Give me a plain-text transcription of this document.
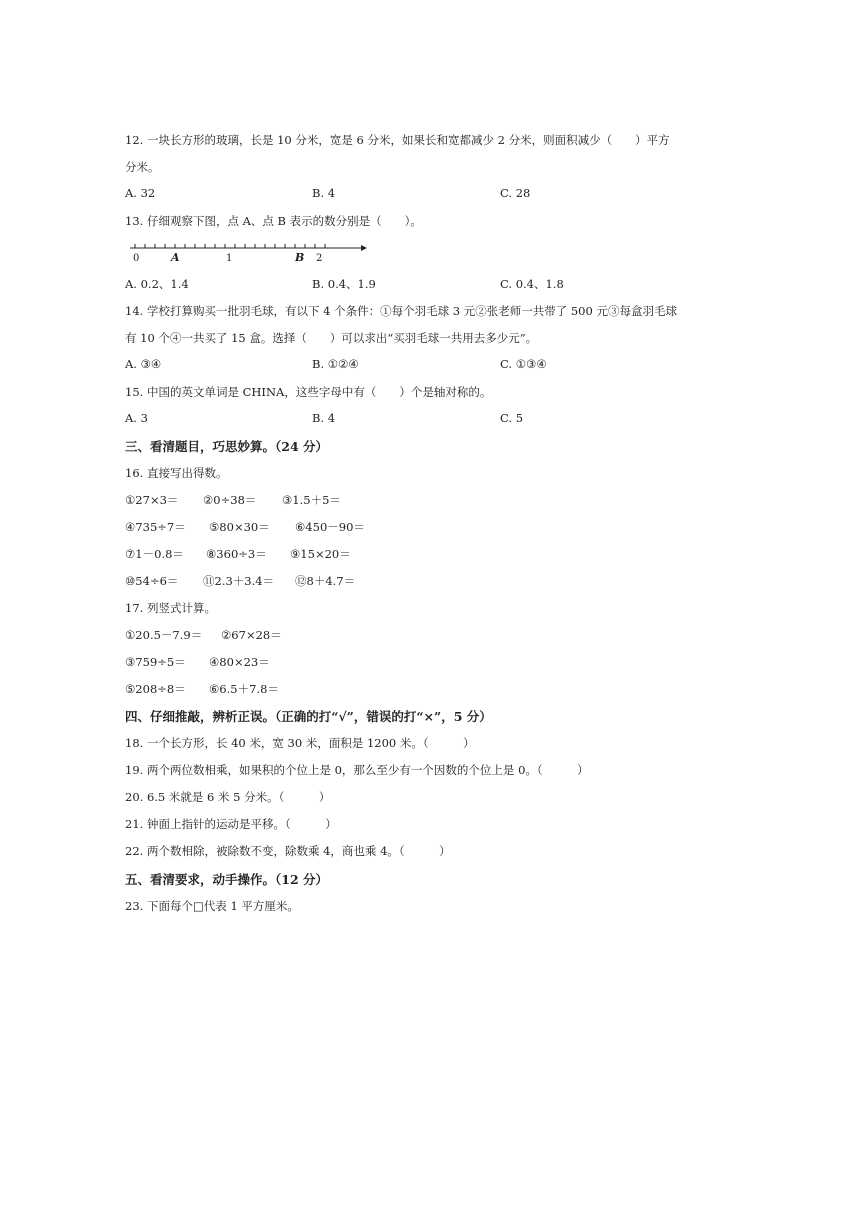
12. 一块长方形的玻璃，长是 10 分米，宽是 6 分米，如果长和宽都减少 2 分米，则面积减少（　　）平方
分米。
A. 32	B. 4	C. 28
13. 仔细观察下图，点 A、点 B 表示的数分别是（　　）。
0	A	1	B 2
A. 0.2、1.4	B. 0.4、1.9	C. 0.4、1.8
14. 学校打算购买一批羽毛球，有以下 4 个条件：①每个羽毛球 3 元②张老师一共带了 500 元③每盒羽毛球
有 10 个④一共买了 15 盒。选择（　　）可以求出“买羽毛球一共用去多少元”。
A. ③④	B. ①②④	C. ①③④
15. 中国的英文单词是 CHINA，这些字母中有（　　）个是轴对称的。
A. 3	B. 4	C. 5
三、看清题目，巧思妙算。（24 分）
16. 直接写出得数。
①27×3＝ ②0÷38＝ ③1.5＋5＝
④735÷7＝ ⑤80×30＝ ⑥450－90＝
⑦1－0.8＝ ⑧360÷3＝ ⑨15×20＝
⑩54÷6＝ ⑪2.3＋3.4＝ ⑫8＋4.7＝
17. 列竖式计算。
①20.5－7.9＝ ②67×28＝
③759÷5＝ ④80×23＝
⑤208÷8＝ ⑥6.5＋7.8＝
四、仔细推敲，辨析正误。（正确的打“√”，错误的打“×”，5 分）
18. 一个长方形，长 40 米，宽 30 米，面积是 1200 米。（　　　）
19. 两个两位数相乘，如果积的个位上是 0，那么至少有一个因数的个位上是 0。（　　　）
20. 6.5 米就是 6 米 5 分米。（　　　）
21. 钟面上指针的运动是平移。（　　　）
22. 两个数相除，被除数不变，除数乘 4，商也乘 4。（　　　）
五、看清要求，动手操作。（12 分）
23. 下面每个□代表 1 平方厘米。
